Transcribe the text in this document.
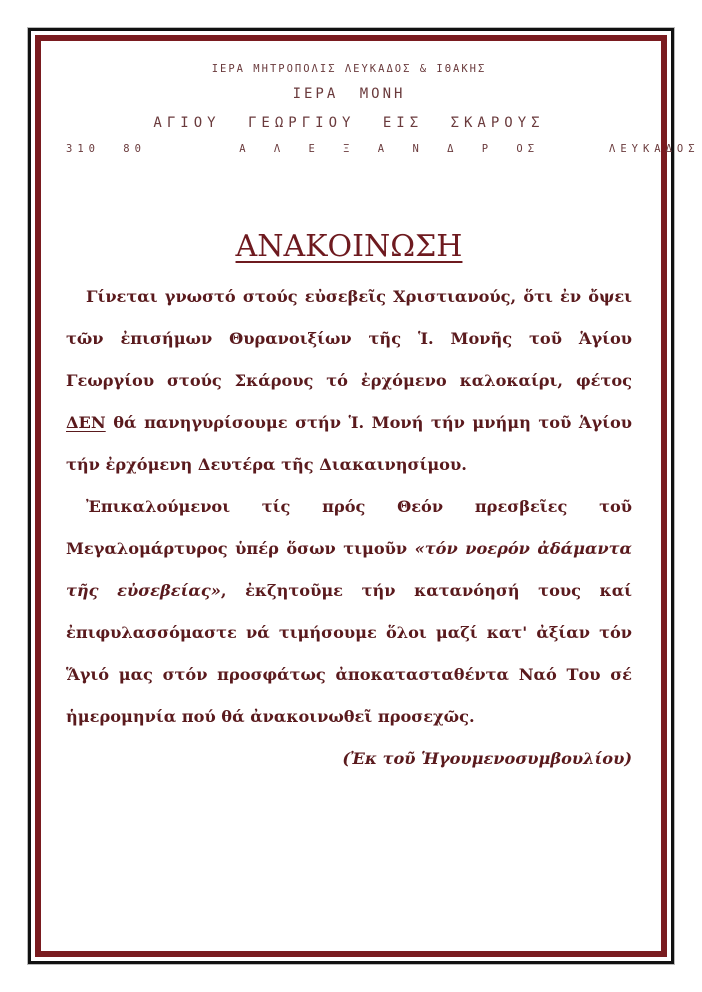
ΙΕΡΑ ΜΗΤΡΟΠΟΛΙΣ ΛΕΥΚΑΔΟΣ & ΙΘΑΚΗΣ

ΙΕΡΑ ΜΟΝΗ

ΑΓΙΟΥ ΓΕΩΡΓΙΟΥ ΕΙΣ ΣΚΑΡΟΥΣ

310 80	Α Λ Ε Ξ Α Ν Δ Ρ ΟΣ	ΛΕΥΚΑΔΟΣ

ΑΝΑΚΟΙΝΩΣΗ

Γίνεται γνωστό στούς εὐσεβεῖς Χριστιανούς, ὅτι ἐν ὄψει τῶν ἐπισήμων Θυρανοιξίων τῆς Ἱ. Μονῆς τοῦ Ἁγίου Γεωργίου στούς Σκάρους τό ἐρχόμενο καλοκαίρι, φέτος ΔΕΝ θά πανηγυρίσουμε στήν Ἱ. Μονή τήν μνήμη τοῦ Ἁγίου τήν ἐρχόμενη Δευτέρα τῆς Διακαινησίμου.

Ἐπικαλούμενοι τίς πρός Θεόν πρεσβεῖες τοῦ Μεγαλομάρτυρος ὑπέρ ὅσων τιμοῦν «τόν νοερόν ἀδάμαντα τῆς εὐσεβείας», ἐκζητοῦμε τήν κατανόησή τους καί ἐπιφυλασσόμαστε νά τιμήσουμε ὅλοι μαζί κατ' ἀξίαν τόν Ἅγιό μας στόν προσφάτως ἀποκατασταθέντα Ναό Του σέ ἡμερομηνία πού θά ἀνακοινωθεῖ προσεχῶς.

(Ἐκ τοῦ Ἡγουμενοσυμβουλίου)
